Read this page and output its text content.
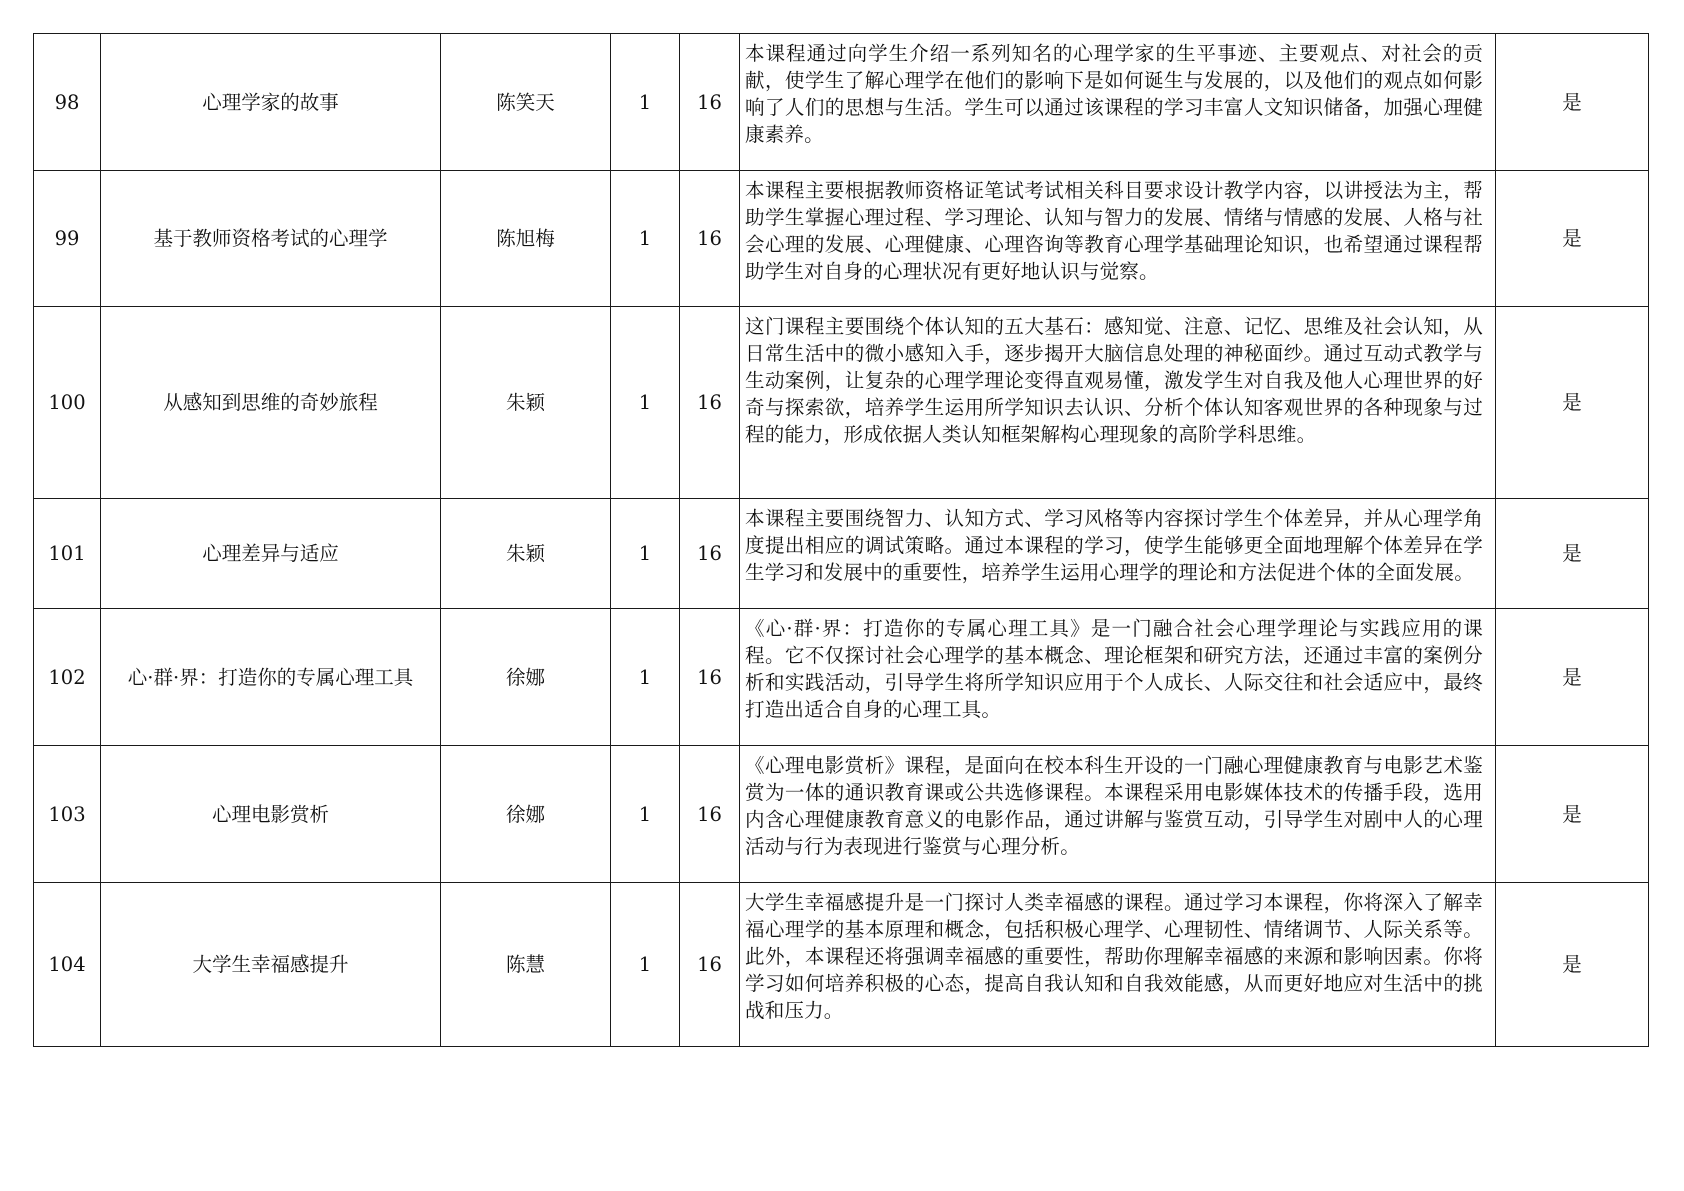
98	心理学家的故事	陈笑天	1	16	本课程通过向学生介绍一系列知名的心理学家的生平事迹、主要观点、对社会的贡献，使学生了解心理学在他们的影响下是如何诞生与发展的，以及他们的观点如何影响了人们的思想与生活。学生可以通过该课程的学习丰富人文知识储备，加强心理健康素养。	是
99	基于教师资格考试的心理学	陈旭梅	1	16	本课程主要根据教师资格证笔试考试相关科目要求设计教学内容，以讲授法为主，帮助学生掌握心理过程、学习理论、认知与智力的发展、情绪与情感的发展、人格与社会心理的发展、心理健康、心理咨询等教育心理学基础理论知识，也希望通过课程帮助学生对自身的心理状况有更好地认识与觉察。	是
100	从感知到思维的奇妙旅程	朱颖	1	16	这门课程主要围绕个体认知的五大基石：感知觉、注意、记忆、思维及社会认知，从日常生活中的微小感知入手，逐步揭开大脑信息处理的神秘面纱。通过互动式教学与生动案例，让复杂的心理学理论变得直观易懂，激发学生对自我及他人心理世界的好奇与探索欲，培养学生运用所学知识去认识、分析个体认知客观世界的各种现象与过程的能力，形成依据人类认知框架解构心理现象的高阶学科思维。	是
101	心理差异与适应	朱颖	1	16	本课程主要围绕智力、认知方式、学习风格等内容探讨学生个体差异，并从心理学角度提出相应的调试策略。通过本课程的学习，使学生能够更全面地理解个体差异在学生学习和发展中的重要性，培养学生运用心理学的理论和方法促进个体的全面发展。	是
102	心·群·界：打造你的专属心理工具	徐娜	1	16	《心·群·界：打造你的专属心理工具》是一门融合社会心理学理论与实践应用的课程。它不仅探讨社会心理学的基本概念、理论框架和研究方法，还通过丰富的案例分析和实践活动，引导学生将所学知识应用于个人成长、人际交往和社会适应中，最终打造出适合自身的心理工具。	是
103	心理电影赏析	徐娜	1	16	《心理电影赏析》课程，是面向在校本科生开设的一门融心理健康教育与电影艺术鉴赏为一体的通识教育课或公共选修课程。本课程采用电影媒体技术的传播手段，选用内含心理健康教育意义的电影作品，通过讲解与鉴赏互动，引导学生对剧中人的心理活动与行为表现进行鉴赏与心理分析。	是
104	大学生幸福感提升	陈慧	1	16	大学生幸福感提升是一门探讨人类幸福感的课程。通过学习本课程，你将深入了解幸福心理学的基本原理和概念，包括积极心理学、心理韧性、情绪调节、人际关系等。此外，本课程还将强调幸福感的重要性，帮助你理解幸福感的来源和影响因素。你将学习如何培养积极的心态，提高自我认知和自我效能感，从而更好地应对生活中的挑战和压力。	是
